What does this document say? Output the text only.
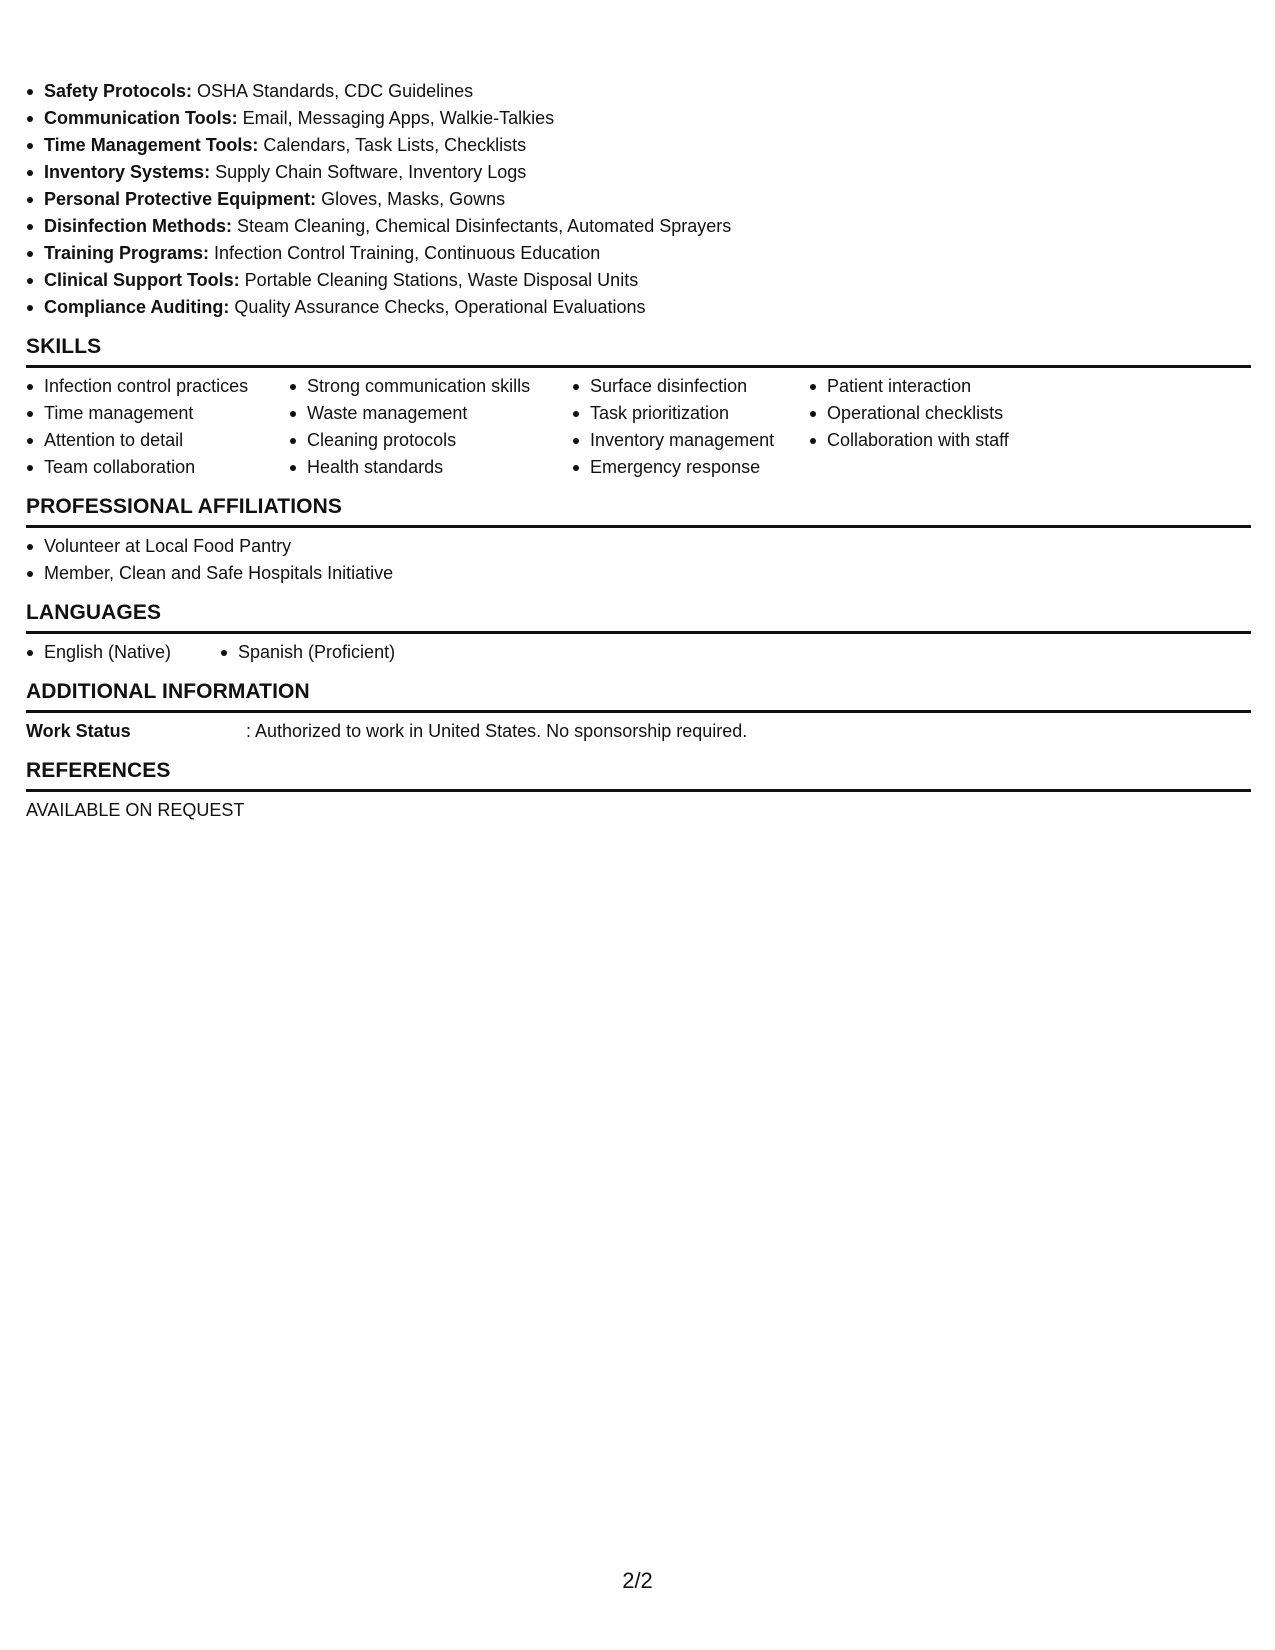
Safety Protocols: OSHA Standards, CDC Guidelines
Communication Tools: Email, Messaging Apps, Walkie-Talkies
Time Management Tools: Calendars, Task Lists, Checklists
Inventory Systems: Supply Chain Software, Inventory Logs
Personal Protective Equipment: Gloves, Masks, Gowns
Disinfection Methods: Steam Cleaning, Chemical Disinfectants, Automated Sprayers
Training Programs: Infection Control Training, Continuous Education
Clinical Support Tools: Portable Cleaning Stations, Waste Disposal Units
Compliance Auditing: Quality Assurance Checks, Operational Evaluations
SKILLS
Infection control practices
Time management
Attention to detail
Team collaboration
Strong communication skills
Waste management
Cleaning protocols
Health standards
Surface disinfection
Task prioritization
Inventory management
Emergency response
Patient interaction
Operational checklists
Collaboration with staff
PROFESSIONAL AFFILIATIONS
Volunteer at Local Food Pantry
Member, Clean and Safe Hospitals Initiative
LANGUAGES
English (Native)	Spanish (Proficient)
ADDITIONAL INFORMATION
Work Status	: Authorized to work in United States. No sponsorship required.
REFERENCES
AVAILABLE ON REQUEST
2/2
